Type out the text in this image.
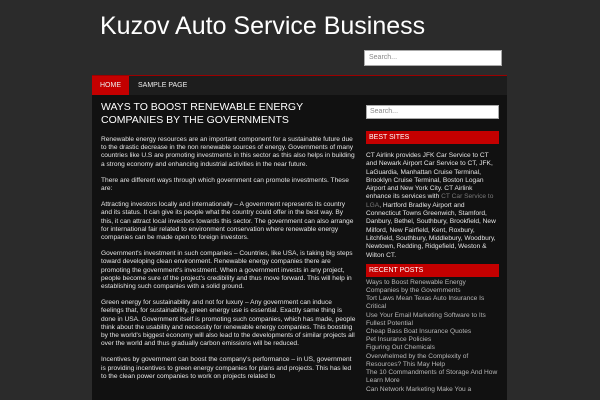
Kuzov Auto Service Business
Search...
HOME	SAMPLE PAGE
WAYS TO BOOST RENEWABLE ENERGY COMPANIES BY THE GOVERNMENTS

Renewable energy resources are an important component for a sustainable future due to the drastic decrease in the non renewable sources of energy. Governments of many countries like U.S are promoting investments in this sector as this also helps in building a strong economy and enhancing industrial activities in the near future.

There are different ways through which government can promote investments. These are:

Attracting investors locally and internationally – A government represents its country and its status. It can give its people what the country could offer in the best way. By this, it can attract local investors towards this sector. The government can also arrange for international fair related to environment conservation where renewable energy companies can be made open to foreign investors.

Government's investment in such companies – Countries, like USA, is taking big steps toward developing clean environment. Renewable energy companies there are promoting the government's investment. When a government invests in any project, people become sure of the project's credibility and thus move forward. This will help in establishing such companies with a solid ground.

Green energy for sustainability and not for luxury – Any government can induce feelings that, for sustainability, green energy use is essential. Exactly same thing is done in USA. Government itself is promoting such companies, which has made, people think about the usability and necessity for renewable energy companies. This boosting by the world's biggest economy will also lead to the developments of similar projects all over the world and thus gradually carbon emissions will be reduced.

Incentives by government can boost the company's performance – in US, government is providing incentives to green energy companies for plans and projects. This has led to the clean power companies to work on projects related to

Search...
BEST SITES
CT Airlink provides JFK Car Service to CT and Newark Airport Car Service to CT, JFK, LaGuardia, Manhattan Cruise Terminal, Brooklyn Cruise Terminal, Boston Logan Airport and New York City. CT Airlink enhance its services with CT Car Service to LGA, Hartford Bradley Airport and Connecticut Towns Greenwich, Stamford, Danbury, Bethel, Southbury, Brookfield, New Milford, New Fairfield, Kent, Roxbury, Litchfield, Southbury, Middlebury, Woodbury, Newtown, Redding, Ridgefield, Weston & Wilton CT.
RECENT POSTS
Ways to Boost Renewable Energy Companies by the Governments
Tort Laws Mean Texas Auto Insurance Is Critical
Use Your Email Marketing Software to Its Fullest Potential
Cheap Bass Boat Insurance Quotes
Pet Insurance Policies
Figuring Out Chemicals
Overwhelmed by the Complexity of Resources? This May Help
The 10 Commandments of Storage And How Learn More
Can Network Marketing Make You a
